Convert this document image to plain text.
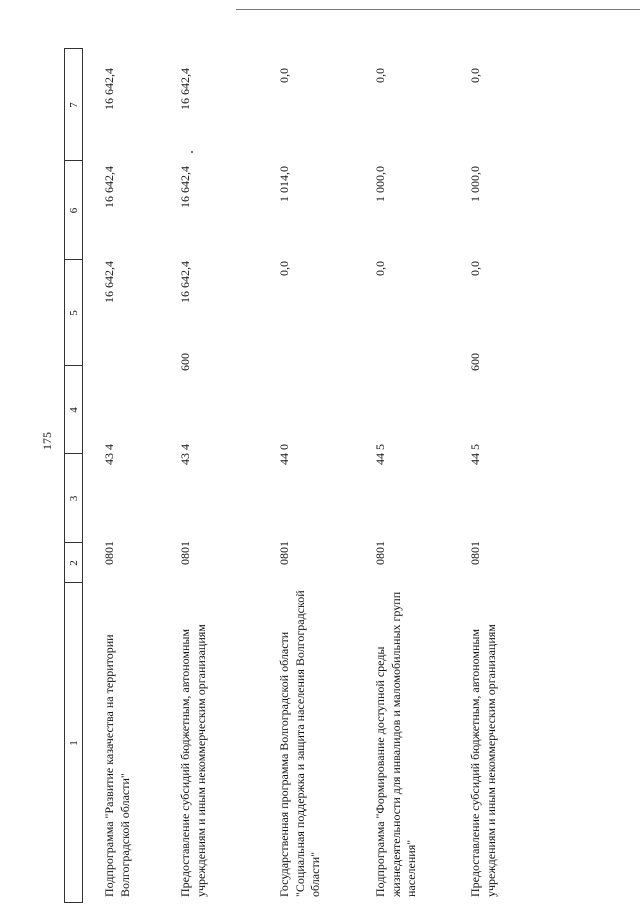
175
1
2
3
4
5
6
7
Подпрограмма "Развитие казачества на территории Волгоградской области"
0801
43 4
16 642,4
16 642,4
16 642,4
Предоставление субсидий бюджетным, автономным учреждениям и иным некоммерческим организациям
0801
43 4
600
16 642,4
16 642,4
16 642,4
Государственная программа Волгоградской области "Социальная поддержка и защита населения Волгоградской области"
0801
44 0
0,0
1 014,0
0,0
Подпрограмма "Формирование доступной среды жизнедеятельности для инвалидов и маломобильных групп населения"
0801
44 5
0,0
1 000,0
0,0
Предоставление субсидий бюджетным, автономным учреждениям и иным некоммерческим организациям
0801
44 5
600
0,0
1 000,0
0,0
